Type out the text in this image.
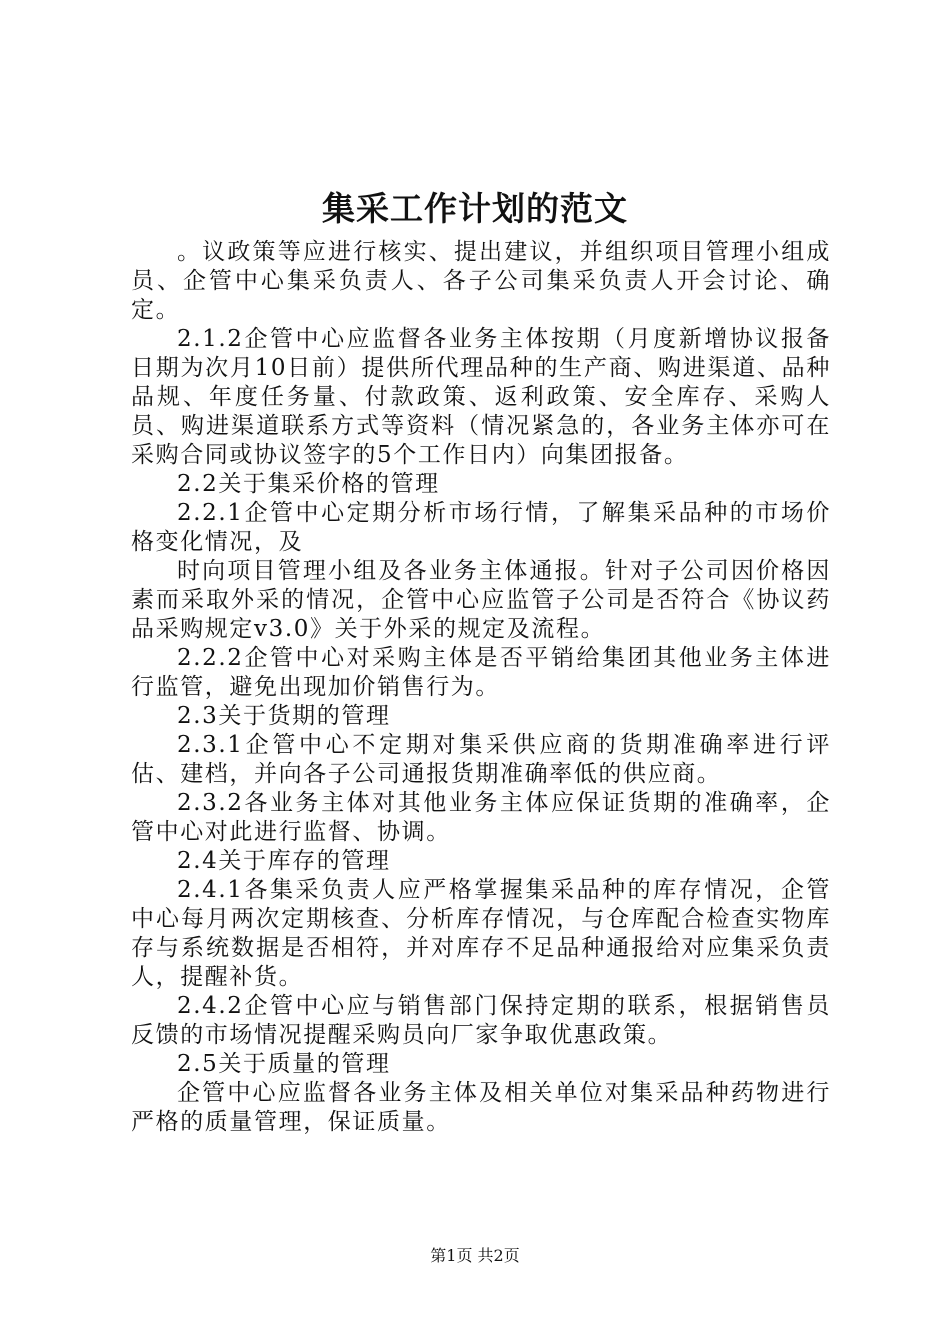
集采工作计划的范文

。议政策等应进行核实、提出建议，并组织项目管理小组成员、企管中心集采负责人、各子公司集采负责人开会讨论、确定。

2.1.2企管中心应监督各业务主体按期（月度新增协议报备日期为次月10日前）提供所代理品种的生产商、购进渠道、品种品规、年度任务量、付款政策、返利政策、安全库存、采购人员、购进渠道联系方式等资料（情况紧急的，各业务主体亦可在采购合同或协议签字的5个工作日内）向集团报备。

2.2关于集采价格的管理

2.2.1企管中心定期分析市场行情，了解集采品种的市场价格变化情况，及

时向项目管理小组及各业务主体通报。针对子公司因价格因素而采取外采的情况，企管中心应监管子公司是否符合《协议药品采购规定v3.0》关于外采的规定及流程。

2.2.2企管中心对采购主体是否平销给集团其他业务主体进行监管，避免出现加价销售行为。

2.3关于货期的管理

2.3.1企管中心不定期对集采供应商的货期准确率进行评估、建档，并向各子公司通报货期准确率低的供应商。

2.3.2各业务主体对其他业务主体应保证货期的准确率，企管中心对此进行监督、协调。

2.4关于库存的管理

2.4.1各集采负责人应严格掌握集采品种的库存情况，企管中心每月两次定期核查、分析库存情况，与仓库配合检查实物库存与系统数据是否相符，并对库存不足品种通报给对应集采负责人，提醒补货。

2.4.2企管中心应与销售部门保持定期的联系，根据销售员反馈的市场情况提醒采购员向厂家争取优惠政策。

2.5关于质量的管理

企管中心应监督各业务主体及相关单位对集采品种药物进行严格的质量管理，保证质量。

第1页 共2页
